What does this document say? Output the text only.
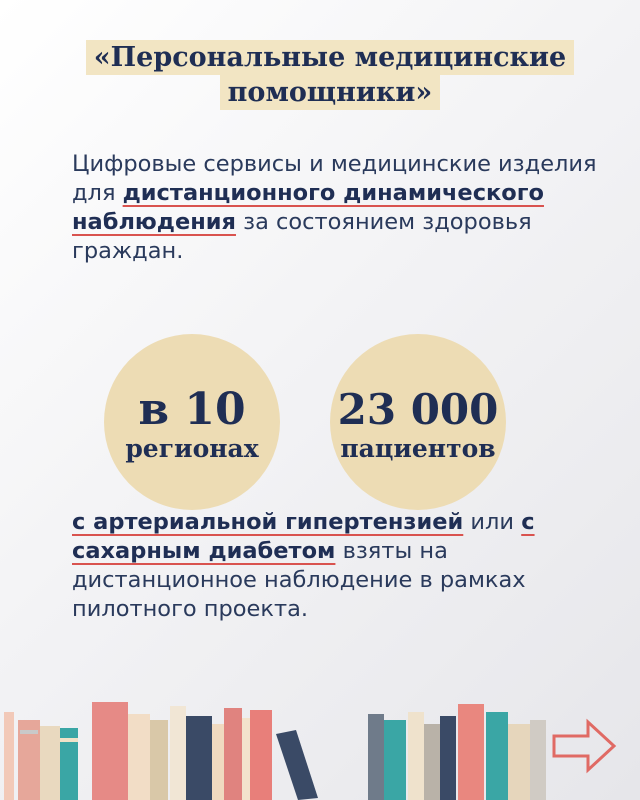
«Персональные медицинские помощники»

Цифровые сервисы и медицинские изделия для дистанционного динамического наблюдения за состоянием здоровья граждан.

в 10
регионах
23 000
пациентов

с артериальной гипертензией или с сахарным диабетом взяты на дистанционное наблюдение в рамках пилотного проекта.
